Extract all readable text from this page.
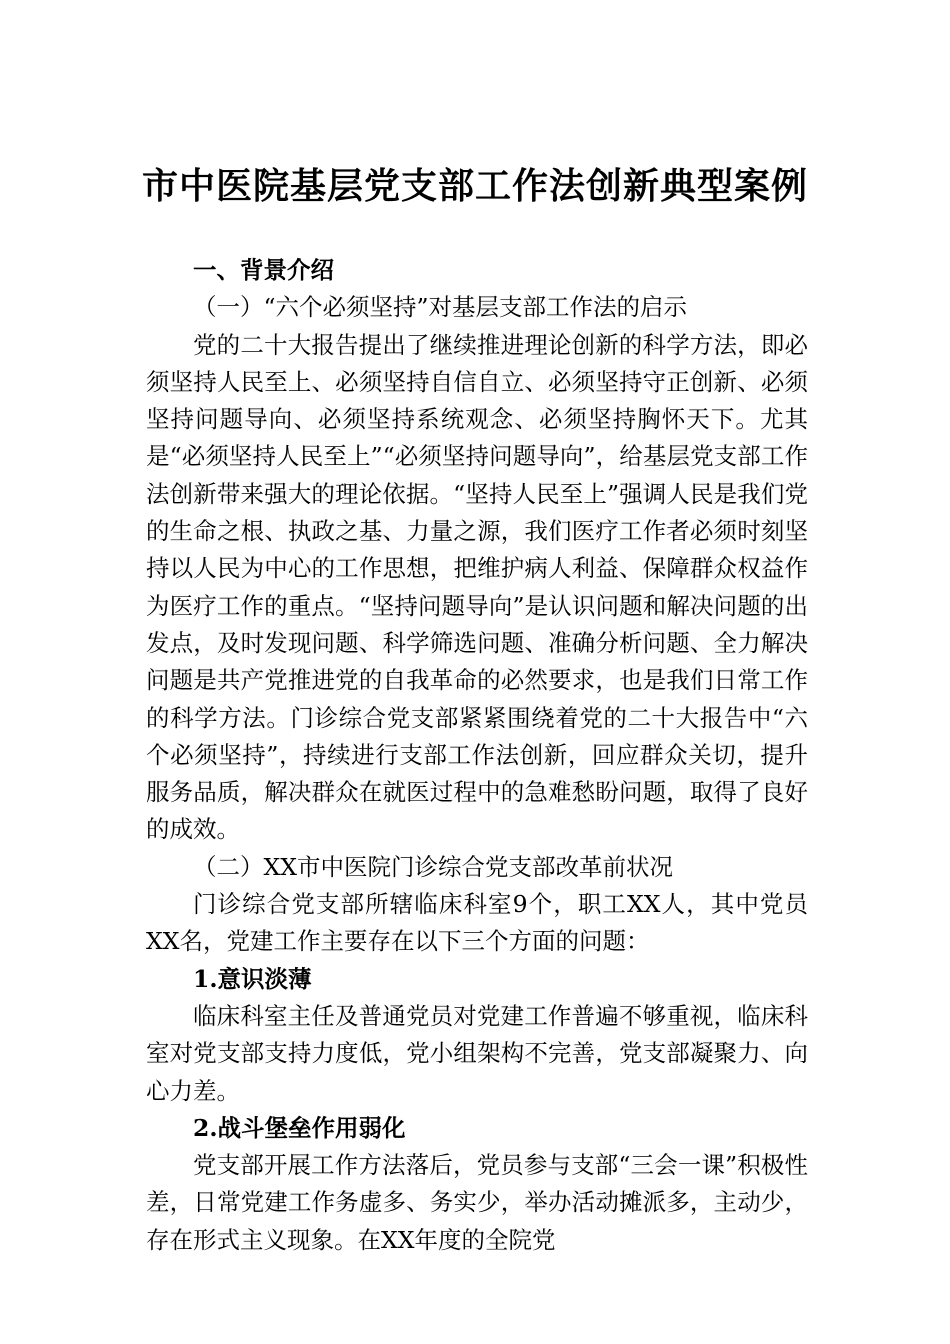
市中医院基层党支部工作法创新典型案例

一、背景介绍

（一）“六个必须坚持”对基层支部工作法的启示

党的二十大报告提出了继续推进理论创新的科学方法，即必须坚持人民至上、必须坚持自信自立、必须坚持守正创新、必须坚持问题导向、必须坚持系统观念、必须坚持胸怀天下。尤其是“必须坚持人民至上”“必须坚持问题导向”，给基层党支部工作法创新带来强大的理论依据。“坚持人民至上”强调人民是我们党的生命之根、执政之基、力量之源，我们医疗工作者必须时刻坚持以人民为中心的工作思想，把维护病人利益、保障群众权益作为医疗工作的重点。“坚持问题导向”是认识问题和解决问题的出发点，及时发现问题、科学筛选问题、准确分析问题、全力解决问题是共产党推进党的自我革命的必然要求，也是我们日常工作的科学方法。门诊综合党支部紧紧围绕着党的二十大报告中“六个必须坚持”，持续进行支部工作法创新，回应群众关切，提升服务品质，解决群众在就医过程中的急难愁盼问题，取得了良好的成效。

（二）XX市中医院门诊综合党支部改革前状况

门诊综合党支部所辖临床科室9个，职工XX人，其中党员XX名，党建工作主要存在以下三个方面的问题：

1.意识淡薄

临床科室主任及普通党员对党建工作普遍不够重视，临床科室对党支部支持力度低，党小组架构不完善，党支部凝聚力、向心力差。

2.战斗堡垒作用弱化

党支部开展工作方法落后，党员参与支部“三会一课”积极性差，日常党建工作务虚多、务实少，举办活动摊派多，主动少，存在形式主义现象。在XX年度的全院党
